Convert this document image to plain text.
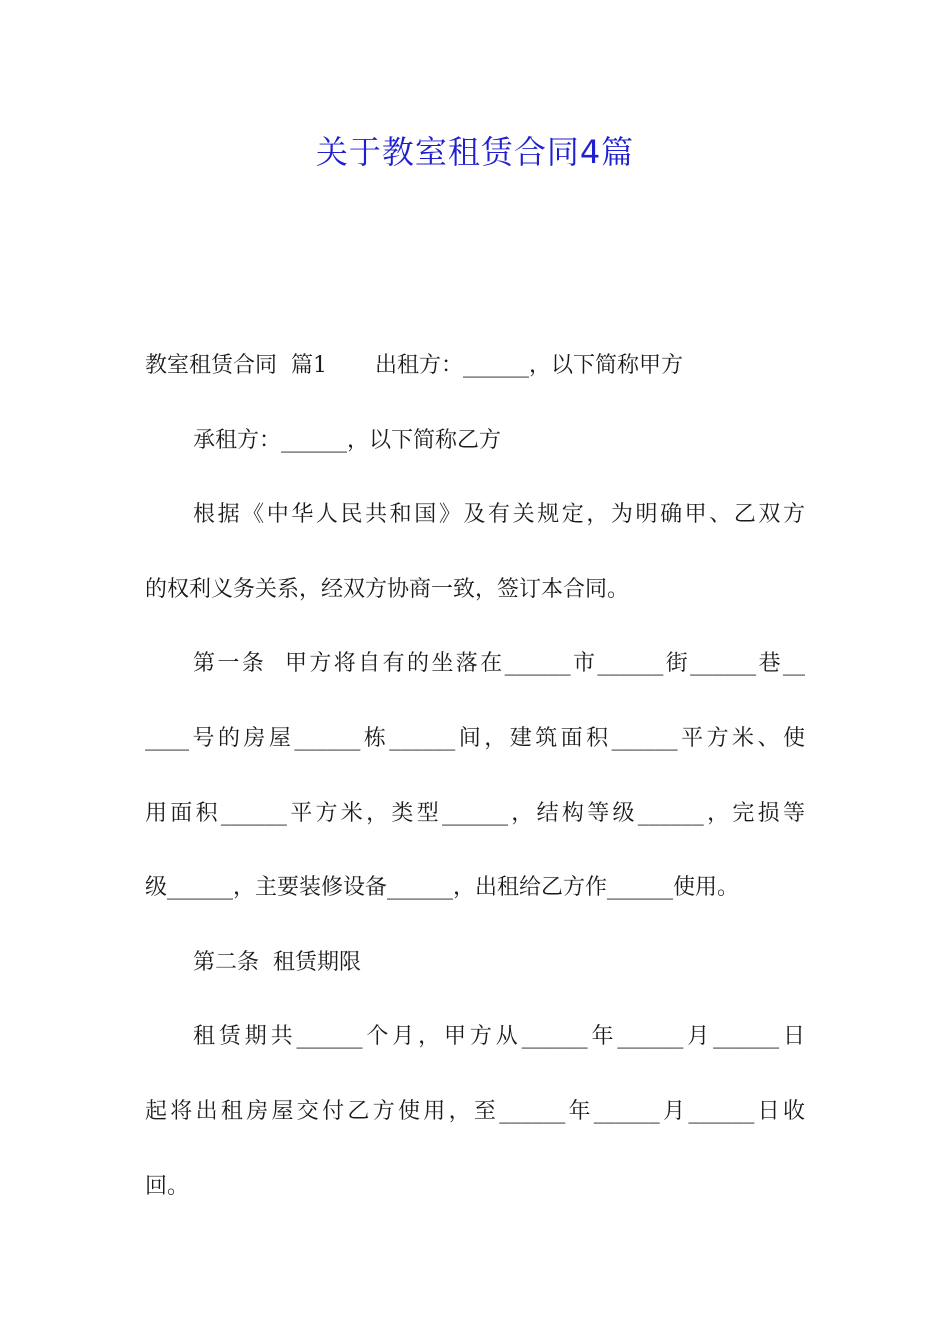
关于教室租赁合同4篇
教室租赁合同  篇1 出租方：______，以下简称甲方
承租方：______，以下简称乙方
根据《中华人民共和国》及有关规定，为明确甲、乙双方
的权利义务关系，经双方协商一致，签订本合同。
第一条  甲方将自有的坐落在______市______街______巷__
____号的房屋______栋______间，建筑面积______平方米、使
用面积______平方米，类型______，结构等级______，完损等
级______，主要装修设备______，出租给乙方作______使用。
第二条  租赁期限
租赁期共______个月，甲方从______年______月______日
起将出租房屋交付乙方使用，至______年______月______日收
回。
